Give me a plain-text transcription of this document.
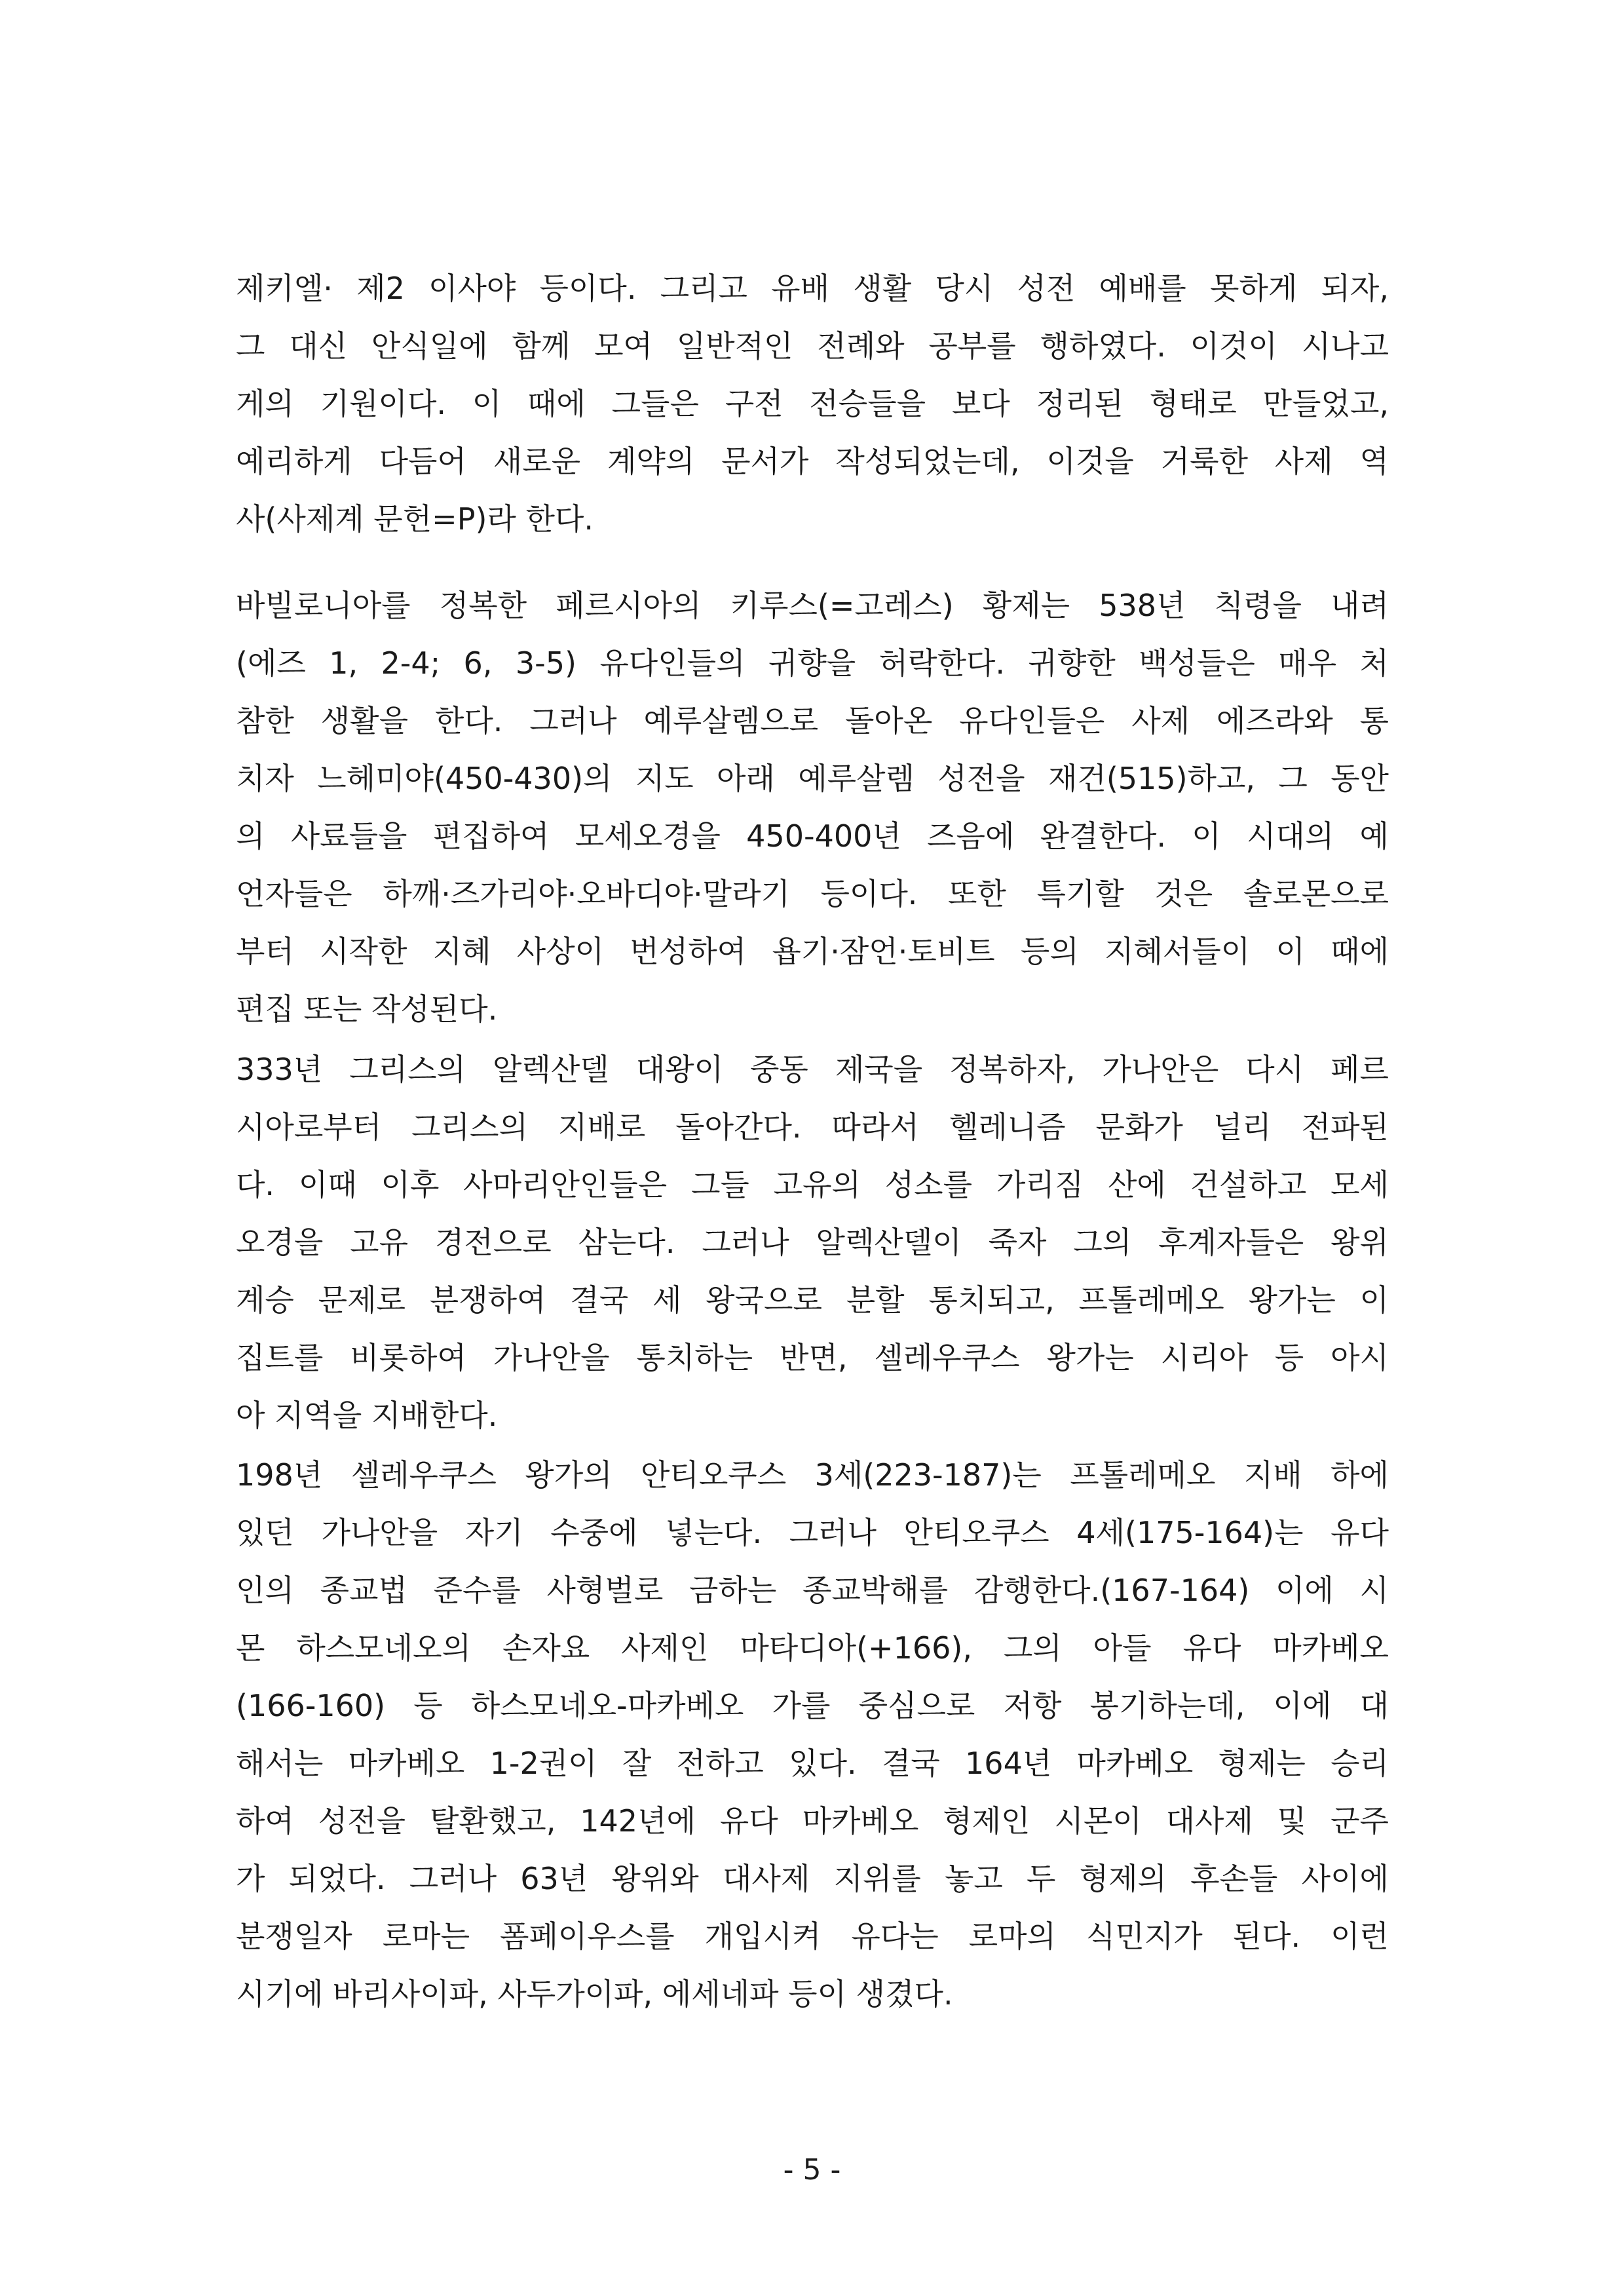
제키엘· 제2 이사야 등이다. 그리고 유배 생활 당시 성전 예배를 못하게 되자,
그 대신 안식일에 함께 모여 일반적인 전례와 공부를 행하였다. 이것이 시나고
게의 기원이다. 이 때에 그들은 구전 전승들을 보다 정리된 형태로 만들었고,
예리하게 다듬어 새로운 계약의 문서가 작성되었는데, 이것을 거룩한 사제 역
사(사제계 문헌=P)라 한다.
바빌로니아를 정복한 페르시아의 키루스(=고레스) 황제는 538년 칙령을 내려
(에즈 1, 2-4; 6, 3-5) 유다인들의 귀향을 허락한다. 귀향한 백성들은 매우 처
참한 생활을 한다. 그러나 예루살렘으로 돌아온 유다인들은 사제 에즈라와 통
치자 느헤미야(450-430)의 지도 아래 예루살렘 성전을 재건(515)하고, 그 동안
의 사료들을 편집하여 모세오경을 450-400년 즈음에 완결한다. 이 시대의 예
언자들은 하깨·즈가리야·오바디야·말라기 등이다. 또한 특기할 것은 솔로몬으로
부터 시작한 지혜 사상이 번성하여 욥기·잠언·토비트 등의 지혜서들이 이 때에
편집 또는 작성된다.
333년 그리스의 알렉산델 대왕이 중동 제국을 정복하자, 가나안은 다시 페르
시아로부터 그리스의 지배로 돌아간다. 따라서 헬레니즘 문화가 널리 전파된
다. 이때 이후 사마리안인들은 그들 고유의 성소를 가리짐 산에 건설하고 모세
오경을 고유 경전으로 삼는다. 그러나 알렉산델이 죽자 그의 후계자들은 왕위
계승 문제로 분쟁하여 결국 세 왕국으로 분할 통치되고, 프톨레메오 왕가는 이
집트를 비롯하여 가나안을 통치하는 반면, 셀레우쿠스 왕가는 시리아 등 아시
아 지역을 지배한다.
198년 셀레우쿠스 왕가의 안티오쿠스 3세(223-187)는 프톨레메오 지배 하에
있던 가나안을 자기 수중에 넣는다. 그러나 안티오쿠스 4세(175-164)는 유다
인의 종교법 준수를 사형벌로 금하는 종교박해를 감행한다.(167-164) 이에 시
몬 하스모네오의 손자요 사제인 마타디아(+166), 그의 아들 유다 마카베오
(166-160) 등 하스모네오-마카베오 가를 중심으로 저항 봉기하는데, 이에 대
해서는 마카베오 1-2권이 잘 전하고 있다. 결국 164년 마카베오 형제는 승리
하여 성전을 탈환했고, 142년에 유다 마카베오 형제인 시몬이 대사제 및 군주
가 되었다. 그러나 63년 왕위와 대사제 지위를 놓고 두 형제의 후손들 사이에
분쟁일자 로마는 폼페이우스를 개입시켜 유다는 로마의 식민지가 된다. 이런
시기에 바리사이파, 사두가이파, 에세네파 등이 생겼다.
- 5 -
